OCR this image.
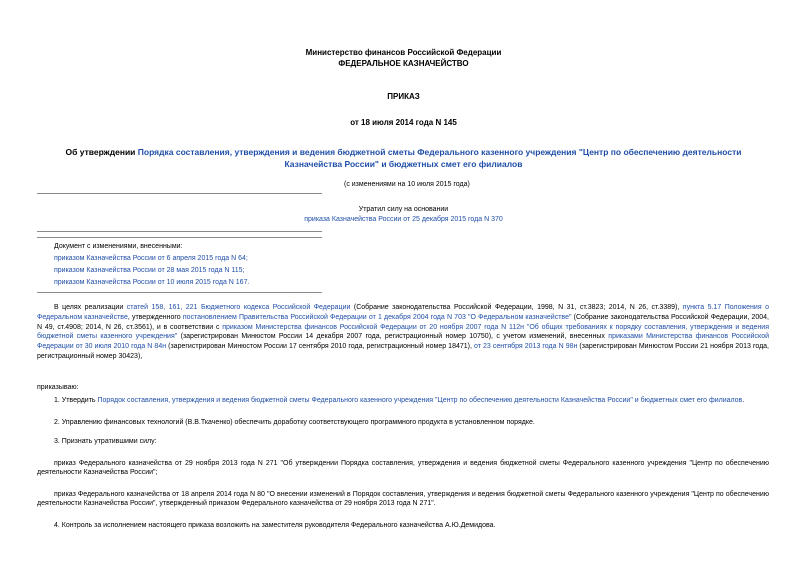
Министерство финансов Российской Федерации
ФЕДЕРАЛЬНОЕ КАЗНАЧЕЙСТВО
ПРИКАЗ
от 18 июля 2014 года N 145
Об утверждении Порядка составления, утверждения и ведения бюджетной сметы Федерального казенного учреждения "Центр по обеспечению деятельности Казначейства России" и бюджетных смет его филиалов
(с изменениями на 10 июля 2015 года)
Утратил силу на основании
приказа Казначейства России от 25 декабря 2015 года N 370
Документ с изменениями, внесенными:
приказом Казначейства России от 6 апреля 2015 года N 64;
приказом Казначейства России от 28 мая 2015 года N 115;
приказом Казначейства России от 10 июля 2015 года N 167.
В целях реализации статей 158, 161, 221 Бюджетного кодекса Российской Федерации (Собрание законодательства Российской Федерации, 1998, N 31, ст.3823; 2014, N 26, ст.3389), пункта 5.17 Положения о Федеральном казначействе, утвержденного постановлением Правительства Российской Федерации от 1 декабря 2004 года N 703 "О Федеральном казначействе" (Собрание законодательства Российской Федерации, 2004, N 49, ст.4908; 2014, N 26, ст.3561), и в соответствии с приказом Министерства финансов Российской Федерации от 20 ноября 2007 года N 112н "Об общих требованиях к порядку составления, утверждения и ведения бюджетной сметы казенного учреждения" (зарегистрирован Минюстом России 14 декабря 2007 года, регистрационный номер 10750), с учетом изменений, внесенных приказами Министерства финансов Российской Федерации от 30 июля 2010 года N 84н (зарегистрирован Минюстом России 17 сентября 2010 года, регистрационный номер 18471), от 23 сентября 2013 года N 98н (зарегистрирован Минюстом России 21 ноября 2013 года, регистрационный номер 30423),
приказываю:
1. Утвердить Порядок составления, утверждения и ведения бюджетной сметы Федерального казенного учреждения "Центр по обеспечению деятельности Казначейства России" и бюджетных смет его филиалов.
2. Управлению финансовых технологий (В.В.Ткаченко) обеспечить доработку соответствующего программного продукта в установленном порядке.
3. Признать утратившими силу:
приказ Федерального казначейства от 29 ноября 2013 года N 271 "Об утверждении Порядка составления, утверждения и ведения бюджетной сметы Федерального казенного учреждения "Центр по обеспечению деятельности Казначейства России";
приказ Федерального казначейства от 18 апреля 2014 года N 80 "О внесении изменений в Порядок составления, утверждения и ведения бюджетной сметы Федерального казенного учреждения "Центр по обеспечению деятельности Казначейства России", утвержденный приказом Федерального казначейства от 29 ноября 2013 года N 271".
4. Контроль за исполнением настоящего приказа возложить на заместителя руководителя Федерального казначейства А.Ю.Демидова.
